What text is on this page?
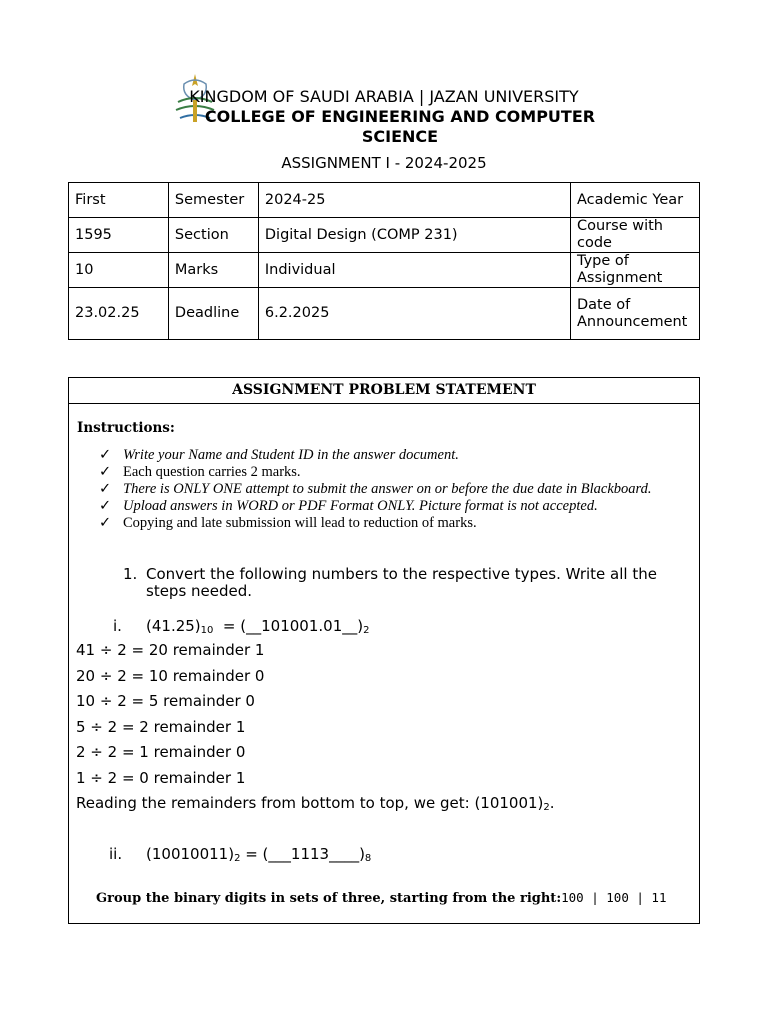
KINGDOM OF SAUDI ARABIA | JAZAN UNIVERSITY
COLLEGE OF ENGINEERING AND COMPUTER SCIENCE
ASSIGNMENT I - 2024-2025
First	Semester	2024-25	Academic Year
1595	Section	Digital Design (COMP 231)	Course with code
10	Marks	Individual	Type of Assignment
23.02.25	Deadline	6.2.2025	Date of Announcement
ASSIGNMENT PROBLEM STATEMENT
Instructions:
✓ Write your Name and Student ID in the answer document.
✓ Each question carries 2 marks.
✓ There is ONLY ONE attempt to submit the answer on or before the due date in Blackboard.
✓ Upload answers in WORD or PDF Format ONLY. Picture format is not accepted.
✓ Copying and late submission will lead to reduction of marks.
1. Convert the following numbers to the respective types. Write all the
steps needed.
i. $(41.25)_{10}$  = $(\_\_101001.01\_\_)_2$
41 ÷ 2 = 20 remainder 1
20 ÷ 2 = 10 remainder 0
10 ÷ 2 = 5 remainder 0
5 ÷ 2 = 2 remainder 1
2 ÷ 2 = 1 remainder 0
1 ÷ 2 = 0 remainder 1
Reading the remainders from bottom to top, we get: $(101001)_2$.
ii. $(10010011)_2$ = $(\_\_\_1113\_\_\_\_)_8$
Group the binary digits in sets of three, starting from the right:100 | 100 | 11
